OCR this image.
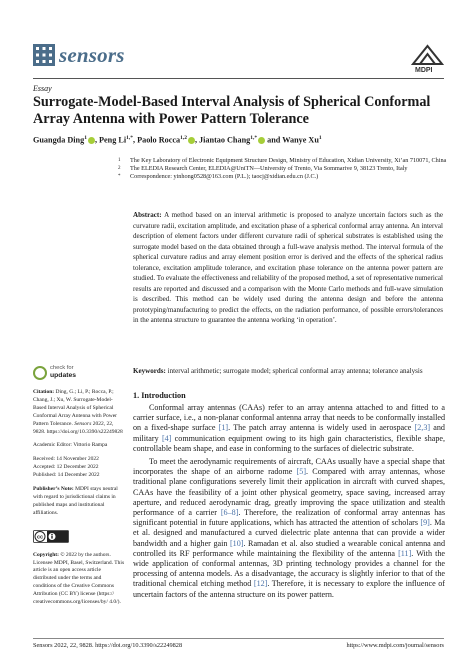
sensors
MDPI
Essay
Surrogate-Model-Based Interval Analysis of Spherical Conformal Array Antenna with Power Pattern Tolerance
Guangda Ding$^1$ , Peng $Li^{1,*}$, Paolo Rocca$^{1,2}$ , Jiantao Chang$^{1,*}$ and Wanye Xu$^1$
1 The Key Laboratory of Electronic Equipment Structure Design, Ministry of Education, Xidian University, Xi’an 710071, China
2 The ELEDIA Research Center, ELEDIA@UniTN—University of Trento, Via Sommarive 9, 38123 Trento, Italy
* Correspondence: yinhong0528@163.com (P.L.); taocj@xidian.edu.cn (J.C.)
Abstract: A method based on an interval arithmetic is proposed to analyze uncertain factors such as the curvature radii, excitation amplitude, and excitation phase of a spherical conformal array antenna. An interval description of element factors under different curvature radii of spherical substrates is established using the surrogate model based on the data obtained through a full-wave analysis method. The interval formula of the spherical curvature radius and array element position error is derived and the effects of the spherical radius tolerance, excitation amplitude tolerance, and excitation phase tolerance on the antenna power pattern are studied. To evaluate the effectiveness and reliability of the proposed method, a set of representative numerical results are reported and discussed and a comparison with the Monte Carlo methods and full-wave simulation is described. This method can be widely used during the antenna design and before the antenna prototyping/manufacturing to predict the effects, on the radiation performance, of possible errors/tolerances in the antenna structure to guarantee the antenna working ‘in operation’.
Keywords: interval arithmetic; surrogate model; spherical conformal array antenna; tolerance analysis
check for
updates
Citation: Ding, G.; Li, P.; Rocca, P.; Chang, J.; Xu, W. Surrogate-Model-Based Interval Analysis of Spherical Conformal Array Antenna with Power Pattern Tolerance. Sensors 2022, 22, 9828. https://doi.org/10.3390/s22249828
Academic Editor: Vittorio Rampa
Received: 14 November 2022
Accepted: 12 December 2022
Published: 14 December 2022
Publisher’s Note: MDPI stays neutral with regard to jurisdictional claims in published maps and institutional affiliations.
cc
Copyright: © 2022 by the authors. Licensee MDPI, Basel, Switzerland. This article is an open access article distributed under the terms and conditions of the Creative Commons Attribution (CC BY) license (https:// creativecommons.org/licenses/by/ 4.0/).
1. Introduction

Conformal array antennas (CAAs) refer to an array antenna attached to and fitted to a carrier surface, i.e., a non-planar conformal antenna array that needs to be conformally installed on a fixed-shape surface [1]. The patch array antenna is widely used in aerospace [2,3] and military [4] communication equipment owing to its high gain characteristics, flexible shape, controllable beam shape, and ease in conforming to the surfaces of dielectric substrate.

To meet the aerodynamic requirements of aircraft, CAAs usually have a special shape that incorporates the shape of an airborne radome [5]. Compared with array antennas, whose traditional plane configurations severely limit their application in aircraft with curved shapes, CAAs have the feasibility of a joint other physical geometry, space saving, increased array aperture, and reduced aerodynamic drag, greatly improving the space utilization and stealth performance of a carrier [6–8]. Therefore, the realization of conformal array antennas has significant potential in future applications, which has attracted the attention of scholars [9]. Ma et al. designed and manufactured a curved dielectric plate antenna that can provide a wider bandwidth and a higher gain [10]. Ramadan et al. also studied a wearable conical antenna and controlled its RF performance while maintaining the flexibility of the antenna [11]. With the wide application of conformal antennas, 3D printing technology provides a channel for the processing of antenna models. As a disadvantage, the accuracy is slightly inferior to that of the traditional chemical etching method [12]. Therefore, it is necessary to explore the influence of uncertain factors of the antenna structure on its power pattern.

Sensors 2022, 22, 9828. https://doi.org/10.3390/s22249828	https://www.mdpi.com/journal/sensors
